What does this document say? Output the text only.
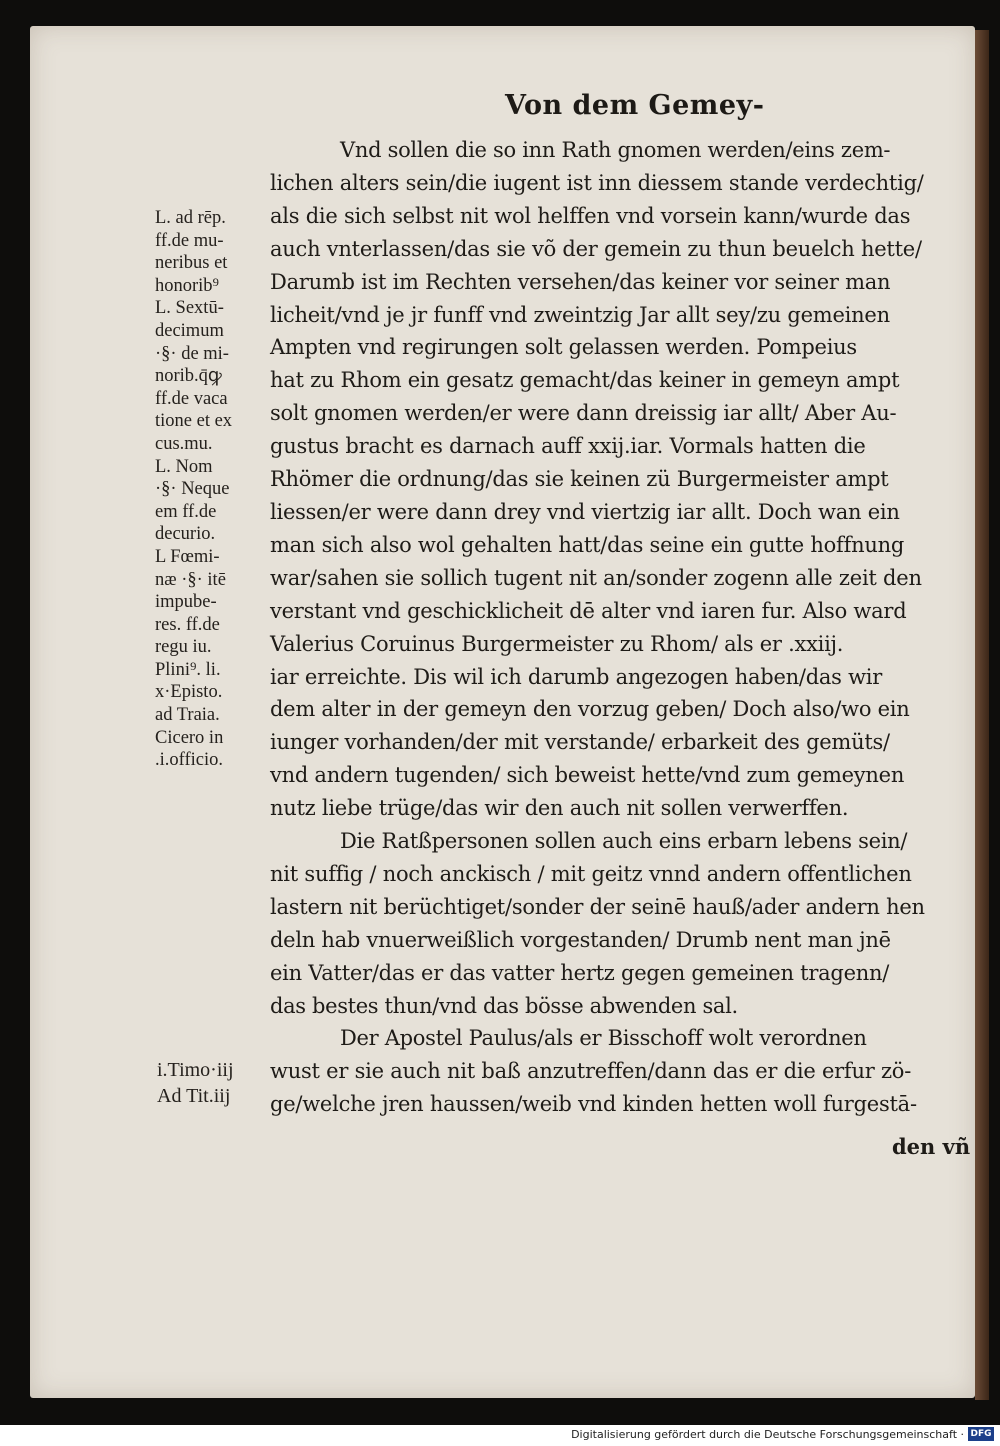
Von dem Gemey-
L. ad rēp.
ff.de mu-
neribus et
honorib⁹
L. Sextū-
decimum
·§· de mi-
norib.q̄ꝙ
ff.de vaca
tione et ex
cus.mu.
L. Nom
·§· Neque
em ff.de
decurio.
L Fœmi-
næ ·§· itē
impube-
res. ff.de
regu iu.
Plini⁹. li.
x·Episto.
ad Traia.
Cicero in
.i.officio.
i.Timo·iij
Ad Tit.iij
Vnd sollen die so inn Rath gnomen werden/eins zem-
lichen alters sein/die iugent ist inn diessem stande verdechtig/
als die sich selbst nit wol helffen vnd vorsein kann/wurde das
auch vnterlassen/das sie võ der gemein zu thun beuelch hette/
Darumb ist im Rechten versehen/das keiner vor seiner man
licheit/vnd je jr funff vnd zweintzig Jar allt sey/zu gemeinen
Ampten vnd regirungen solt gelassen werden. Pompeius
hat zu Rhom ein gesatz gemacht/das keiner in gemeyn ampt
solt gnomen werden/er were dann dreissig iar allt/ Aber Au-
gustus bracht es darnach auff xxij.iar. Vormals hatten die
Rhömer die ordnung/das sie keinen zü Burgermeister ampt
liessen/er were dann drey vnd viertzig iar allt. Doch wan ein
man sich also wol gehalten hatt/das seine ein gutte hoffnung
war/sahen sie sollich tugent nit an/sonder zogenn alle zeit den
verstant vnd geschicklicheit dē alter vnd iaren fur. Also ward
Valerius Coruinus Burgermeister zu Rhom/ als er .xxiij.
iar erreichte. Dis wil ich darumb angezogen haben/das wir
dem alter in der gemeyn den vorzug geben/ Doch also/wo ein
iunger vorhanden/der mit verstande/ erbarkeit des gemüts/
vnd andern tugenden/ sich beweist hette/vnd zum gemeynen
nutz liebe trüge/das wir den auch nit sollen verwerffen.
Die Ratßpersonen sollen auch eins erbarn lebens sein/
nit suffig / noch anckisch / mit geitz vnnd andern offentlichen
lastern nit berüchtiget/sonder der seinē hauß/ader andern hen
deln hab vnuerweißlich vorgestanden/ Drumb nent man jnē
ein Vatter/das er das vatter hertz gegen gemeinen tragenn/
das bestes thun/vnd das bösse abwenden sal.
Der Apostel Paulus/als er Bisschoff wolt verordnen
wust er sie auch nit baß anzutreffen/dann das er die erfur zö-
ge/welche jren haussen/weib vnd kinden hetten woll furgestā-
den vñ
Digitalisierung gefördert durch die Deutsche Forschungsgemeinschaft · DFG
